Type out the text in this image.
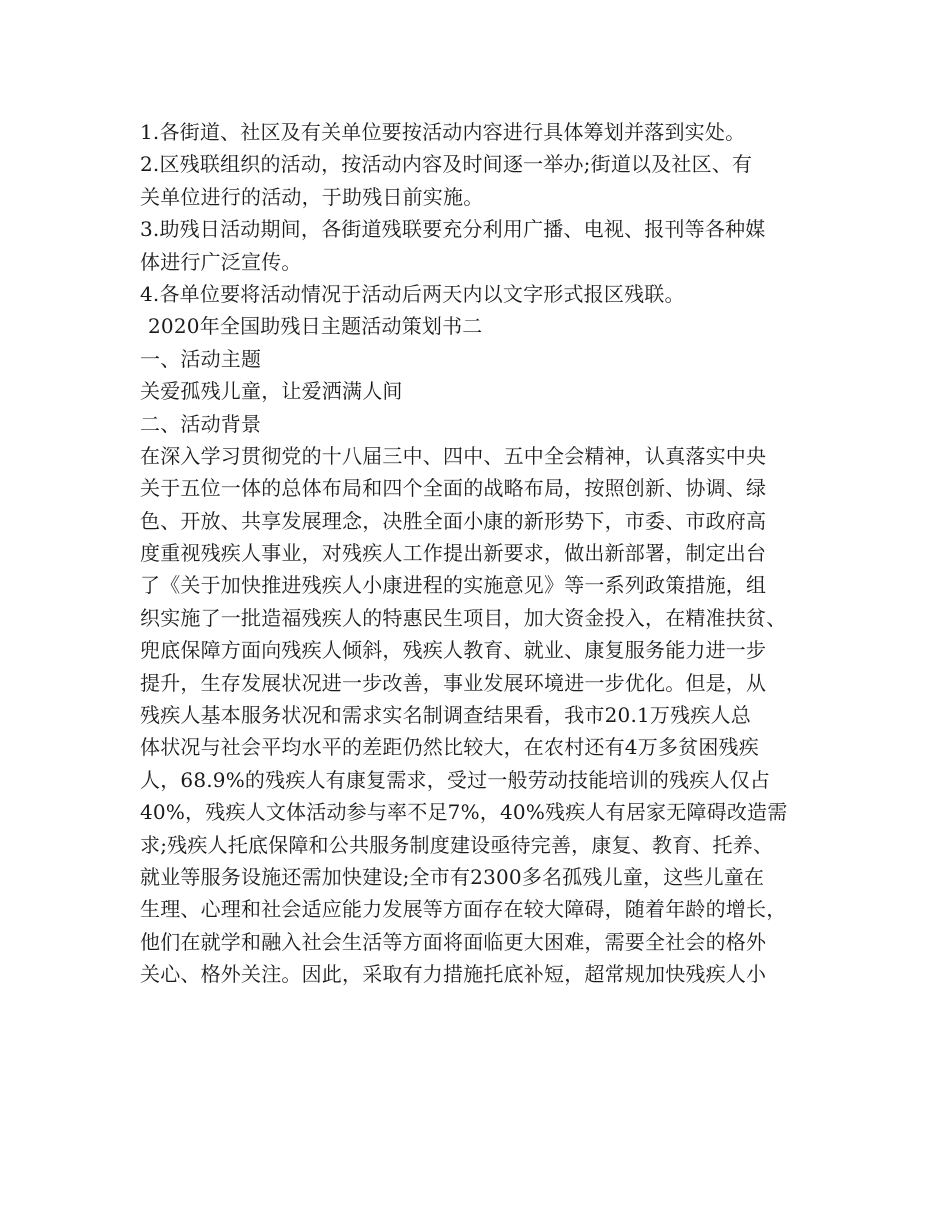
1.各街道、社区及有关单位要按活动内容进行具体筹划并落到实处。
2.区残联组织的活动，按活动内容及时间逐一举办;街道以及社区、有
关单位进行的活动，于助残日前实施。
3.助残日活动期间，各街道残联要充分利用广播、电视、报刊等各种媒
体进行广泛宣传。
4.各单位要将活动情况于活动后两天内以文字形式报区残联。
2020年全国助残日主题活动策划书二
一、活动主题
关爱孤残儿童，让爱洒满人间
二、活动背景
在深入学习贯彻党的十八届三中、四中、五中全会精神，认真落实中央
关于五位一体的总体布局和四个全面的战略布局，按照创新、协调、绿
色、开放、共享发展理念，决胜全面小康的新形势下，市委、市政府高
度重视残疾人事业，对残疾人工作提出新要求，做出新部署，制定出台
了《关于加快推进残疾人小康进程的实施意见》等一系列政策措施，组
织实施了一批造福残疾人的特惠民生项目，加大资金投入，在精准扶贫、
兜底保障方面向残疾人倾斜，残疾人教育、就业、康复服务能力进一步
提升，生存发展状况进一步改善，事业发展环境进一步优化。但是，从
残疾人基本服务状况和需求实名制调查结果看，我市20.1万残疾人总
体状况与社会平均水平的差距仍然比较大，在农村还有4万多贫困残疾
人，68.9%的残疾人有康复需求，受过一般劳动技能培训的残疾人仅占
40%，残疾人文体活动参与率不足7%，40%残疾人有居家无障碍改造需
求;残疾人托底保障和公共服务制度建设亟待完善，康复、教育、托养、
就业等服务设施还需加快建设;全市有2300多名孤残儿童，这些儿童在
生理、心理和社会适应能力发展等方面存在较大障碍，随着年龄的增长，
他们在就学和融入社会生活等方面将面临更大困难，需要全社会的格外
关心、格外关注。因此，采取有力措施托底补短，超常规加快残疾人小
